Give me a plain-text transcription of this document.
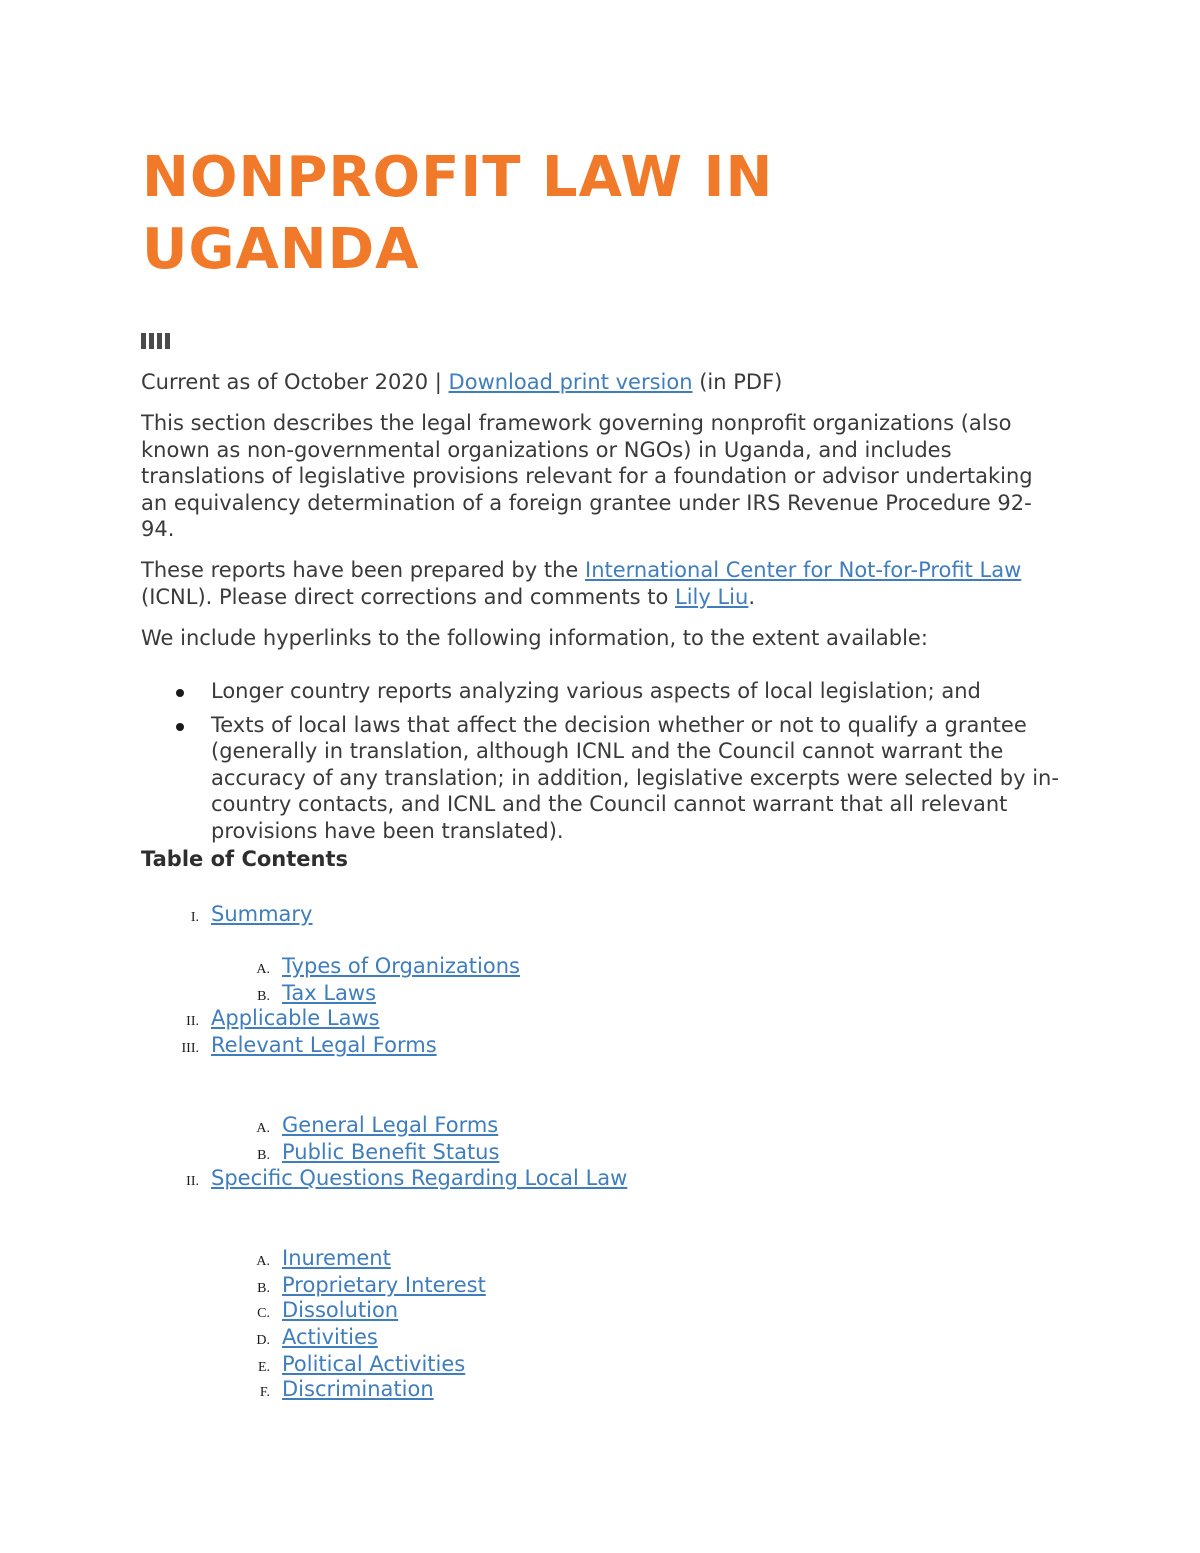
NONPROFIT LAW IN UGANDA

Current as of October 2020 | Download print version (in PDF)

This section describes the legal framework governing nonprofit organizations (also known as non-governmental organizations or NGOs) in Uganda, and includes translations of legislative provisions relevant for a foundation or advisor undertaking an equivalency determination of a foreign grantee under IRS Revenue Procedure 92-94.

These reports have been prepared by the International Center for Not-for-Profit Law (ICNL). Please direct corrections and comments to Lily Liu.

We include hyperlinks to the following information, to the extent available:

Longer country reports analyzing various aspects of local legislation; and
Texts of local laws that affect the decision whether or not to qualify a grantee (generally in translation, although ICNL and the Council cannot warrant the accuracy of any translation; in addition, legislative excerpts were selected by in-country contacts, and ICNL and the Council cannot warrant that all relevant provisions have been translated).
Table of Contents
I. Summary
A. Types of Organizations
B. Tax Laws
II. Applicable Laws
III. Relevant Legal Forms
A. General Legal Forms
B. Public Benefit Status
II. Specific Questions Regarding Local Law
A. Inurement
B. Proprietary Interest
C. Dissolution
D. Activities
E. Political Activities
F. Discrimination
